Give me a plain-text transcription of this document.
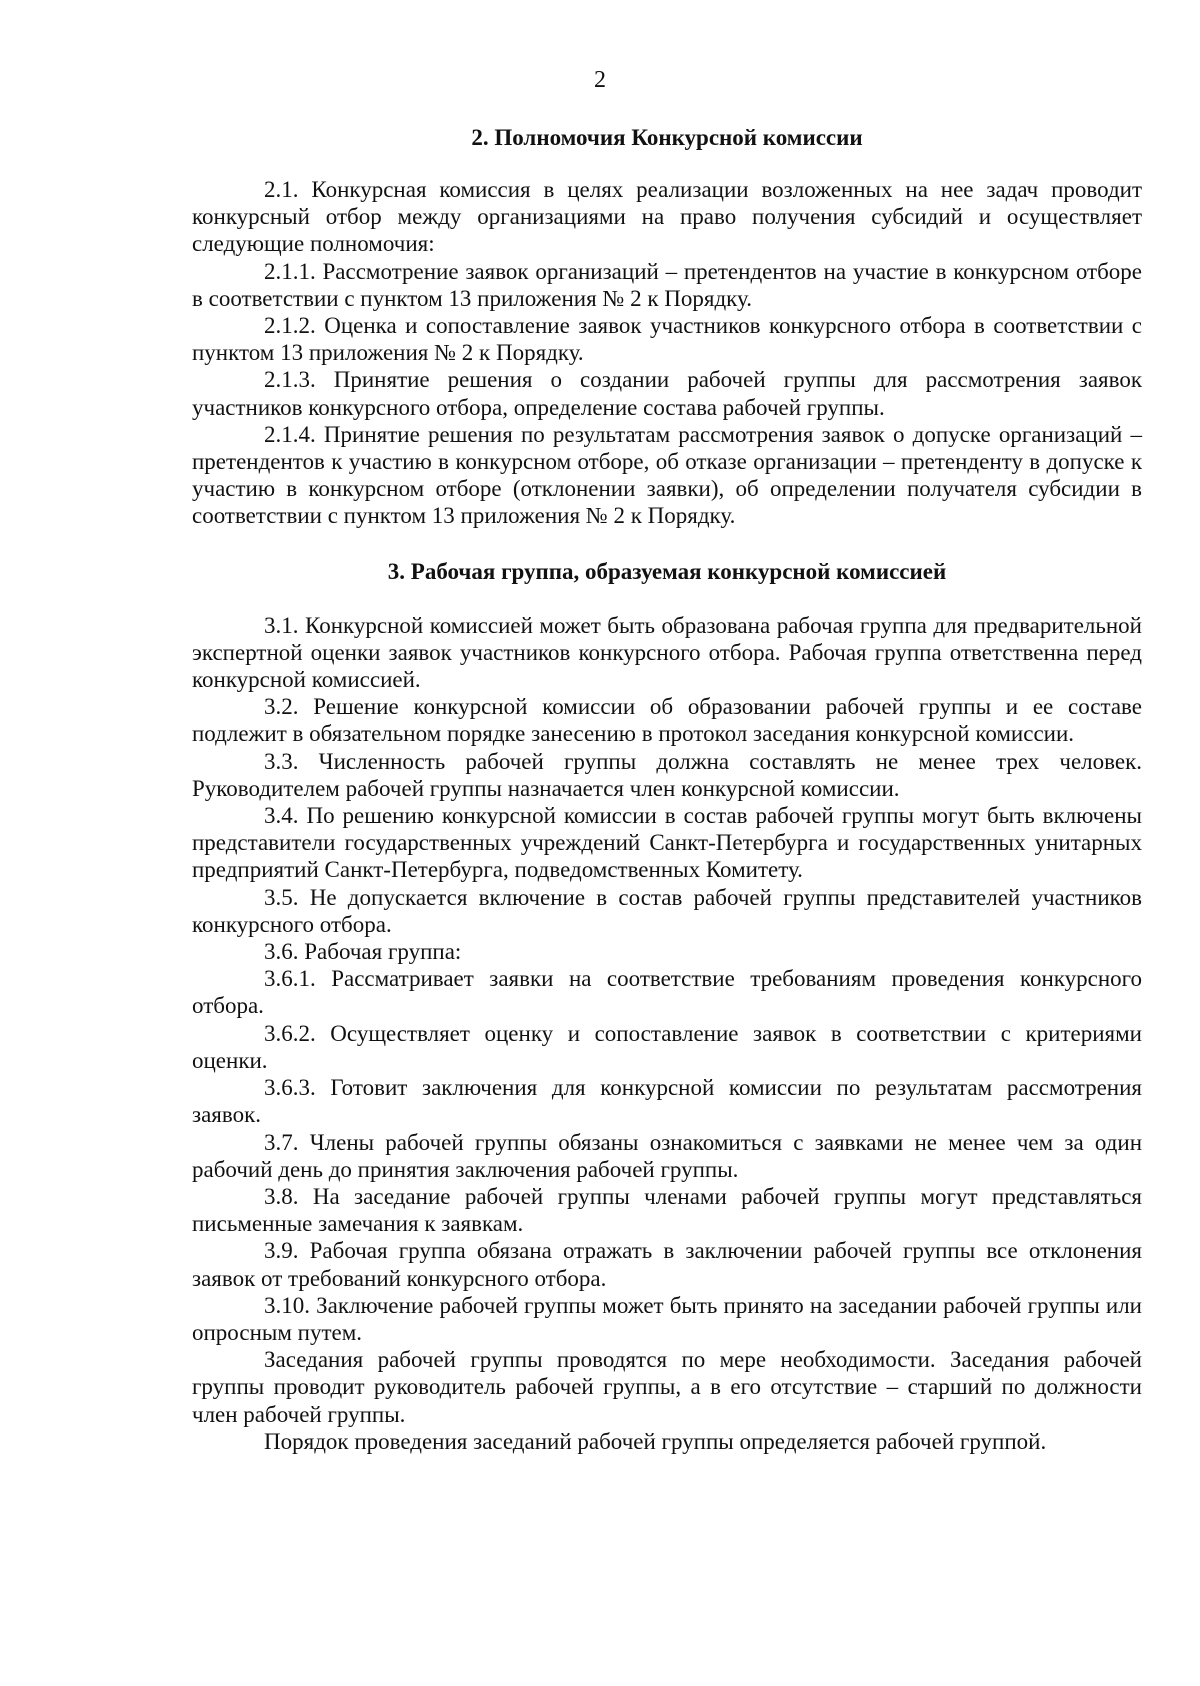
2
2. Полномочия Конкурсной комиссии

2.1. Конкурсная комиссия в целях реализации возложенных на нее задач проводит конкурсный отбор между организациями на право получения субсидий и осуществляет следующие полномочия:

2.1.1. Рассмотрение заявок организаций – претендентов на участие в конкурсном отборе в соответствии с пунктом 13 приложения № 2 к Порядку.

2.1.2. Оценка и сопоставление заявок участников конкурсного отбора в соответствии с пунктом 13 приложения № 2 к Порядку.

2.1.3. Принятие решения о создании рабочей группы для рассмотрения заявок участников конкурсного отбора, определение состава рабочей группы.

2.1.4. Принятие решения по результатам рассмотрения заявок о допуске организаций – претендентов к участию в конкурсном отборе, об отказе организации – претенденту в допуске к участию в конкурсном отборе (отклонении заявки), об определении получателя субсидии в соответствии с пунктом 13 приложения № 2 к Порядку.

3. Рабочая группа, образуемая конкурсной комиссией

3.1. Конкурсной комиссией может быть образована рабочая группа для предварительной экспертной оценки заявок участников конкурсного отбора. Рабочая группа ответственна перед конкурсной комиссией.

3.2. Решение конкурсной комиссии об образовании рабочей группы и ее составе подлежит в обязательном порядке занесению в протокол заседания конкурсной комиссии.

3.3. Численность рабочей группы должна составлять не менее трех человек. Руководителем рабочей группы назначается член конкурсной комиссии.

3.4. По решению конкурсной комиссии в состав рабочей группы могут быть включены представители государственных учреждений Санкт-Петербурга и государственных унитарных предприятий Санкт-Петербурга, подведомственных Комитету.

3.5. Не допускается включение в состав рабочей группы представителей участников конкурсного отбора.

3.6. Рабочая группа:

3.6.1. Рассматривает заявки на соответствие требованиям проведения конкурсного отбора.

3.6.2. Осуществляет оценку и сопоставление заявок в соответствии с критериями оценки.

3.6.3. Готовит заключения для конкурсной комиссии по результатам рассмотрения заявок.

3.7. Члены рабочей группы обязаны ознакомиться с заявками не менее чем за один рабочий день до принятия заключения рабочей группы.

3.8. На заседание рабочей группы членами рабочей группы могут представляться письменные замечания к заявкам.

3.9. Рабочая группа обязана отражать в заключении рабочей группы все отклонения заявок от требований конкурсного отбора.

3.10. Заключение рабочей группы может быть принято на заседании рабочей группы или опросным путем.

Заседания рабочей группы проводятся по мере необходимости. Заседания рабочей группы проводит руководитель рабочей группы, а в его отсутствие – старший по должности член рабочей группы.

Порядок проведения заседаний рабочей группы определяется рабочей группой.
